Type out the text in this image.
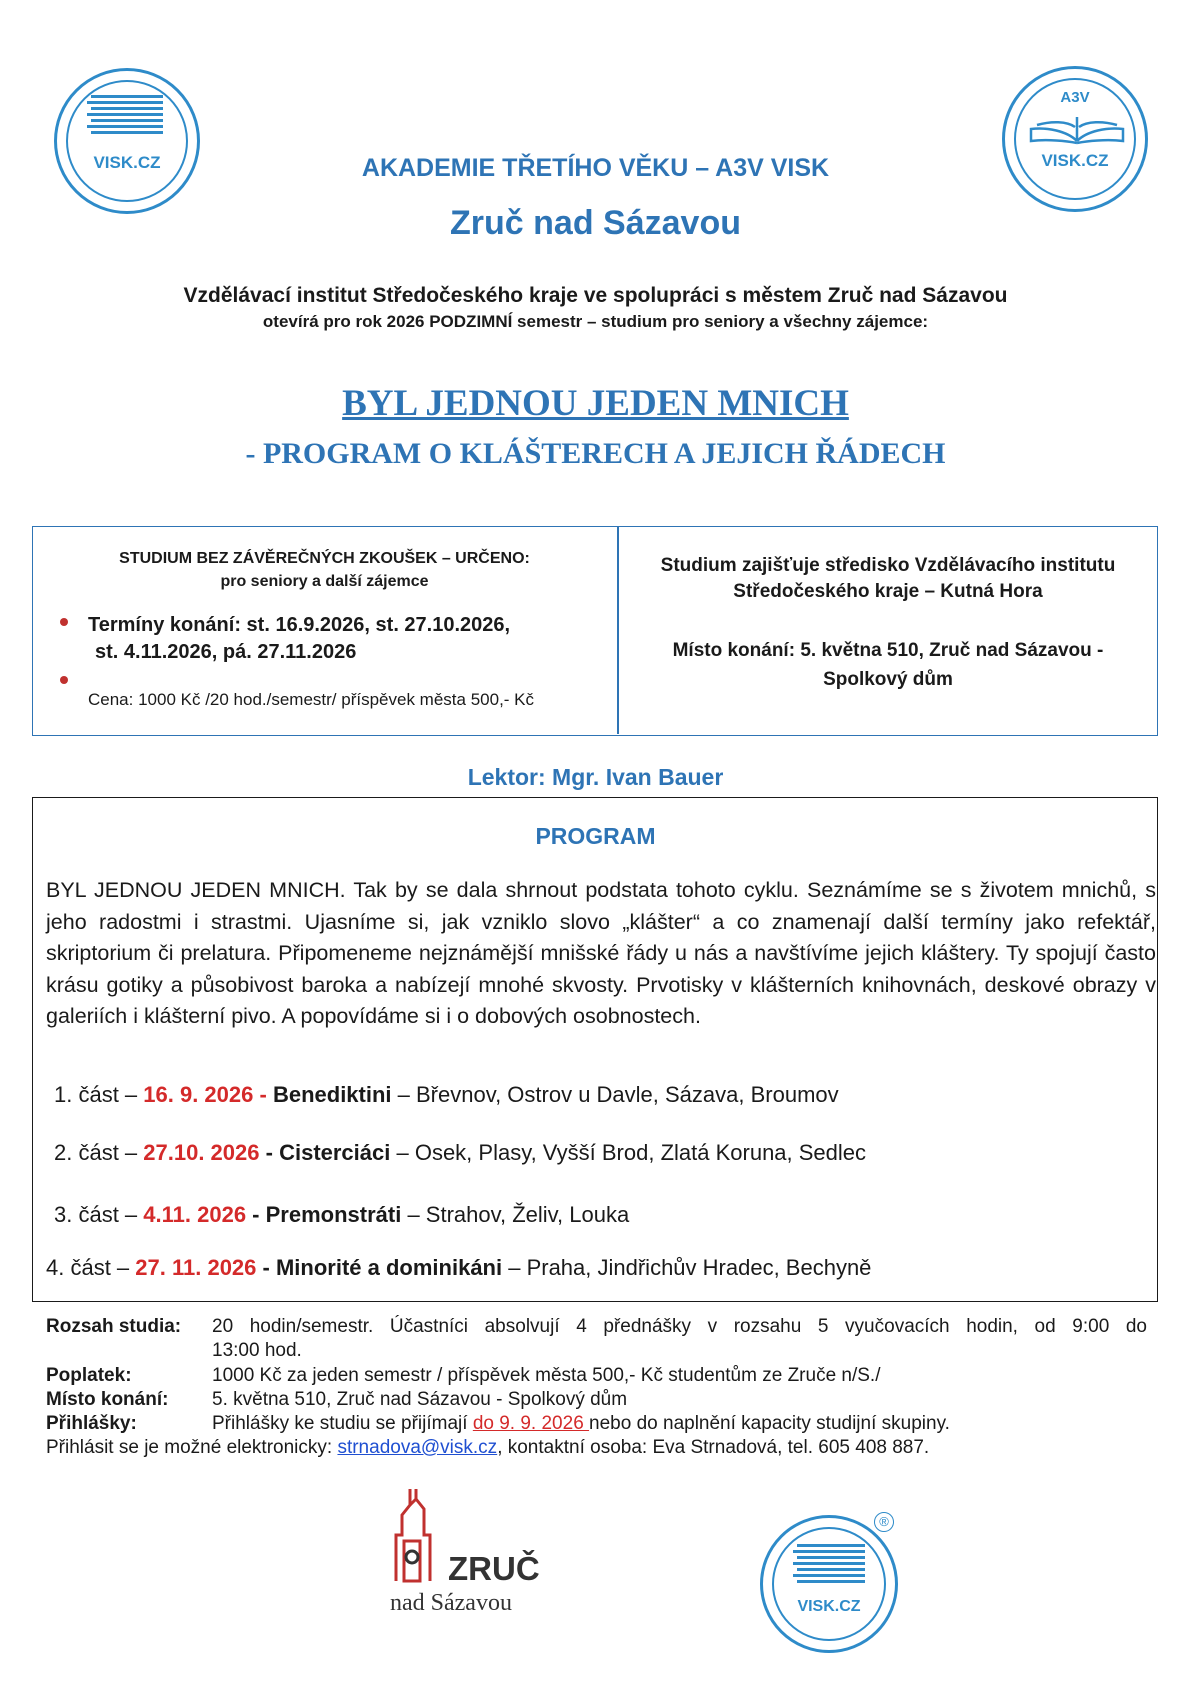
VISK.CZ
A3V
VISK.CZ
AKADEMIE TŘETÍHO VĚKU – A3V VISK
Zruč nad Sázavou
Vzdělávací institut Středočeského kraje ve spolupráci s městem Zruč nad Sázavou
otevírá pro rok 2026 PODZIMNÍ semestr – studium pro seniory a všechny zájemce:
BYL JEDNOU JEDEN MNICH
- PROGRAM O KLÁŠTERECH A JEJICH ŘÁDECH
STUDIUM BEZ ZÁVĚREČNÝCH ZKOUŠEK – URČENO:
pro seniory a další zájemce
Termíny konání: st. 16.9.2026, st. 27.10.2026,
st. 4.11.2026, pá. 27.11.2026
Cena: 1000 Kč /20 hod./semestr/ příspěvek města 500,- Kč
Studium zajišťuje středisko Vzdělávacího institutu
Středočeského kraje – Kutná Hora
Místo konání: 5. května 510, Zruč nad Sázavou -
Spolkový dům
Lektor: Mgr. Ivan Bauer
PROGRAM
BYL JEDNOU JEDEN MNICH. Tak by se dala shrnout podstata tohoto cyklu. Seznámíme se s životem mnichů, s jeho radostmi i strastmi. Ujasníme si, jak vzniklo slovo „klášter“ a co znamenají další termíny jako refektář, skriptorium či prelatura. Připomeneme nejznámější mnišské řády u nás a navštívíme jejich kláštery. Ty spojují často krásu gotiky a působivost baroka a nabízejí mnohé skvosty. Prvotisky v klášterních knihovnách, deskové obrazy v galeriích i klášterní pivo. A popovídáme si i o dobových osobnostech.
1. část – 16. 9. 2026 - Benediktini – Břevnov, Ostrov u Davle, Sázava, Broumov
2. část – 27.10. 2026 - Cisterciáci – Osek, Plasy, Vyšší Brod, Zlatá Koruna, Sedlec
3. část – 4.11. 2026 - Premonstráti – Strahov, Želiv, Louka
4. část – 27. 11. 2026 - Minorité a dominikáni – Praha, Jindřichův Hradec, Bechyně
Rozsah studia: 20 hodin/semestr. Účastníci absolvují 4 přednášky v rozsahu 5 vyučovacích hodin, od 9:00 do
13:00 hod.
Poplatek:	1000 Kč za jeden semestr / příspěvek města 500,- Kč studentům ze Zruče n/S./
Místo konání: 5. května 510, Zruč nad Sázavou - Spolkový dům
Přihlášky:	Přihlášky ke studiu se přijímají do 9. 9. 2026 nebo do naplnění kapacity studijní skupiny.
Přihlásit se je možné elektronicky: strnadova@visk.cz, kontaktní osoba: Eva Strnadová, tel. 605 408 887.
ZRUČ
nad Sázavou	VISK.CZ
®
